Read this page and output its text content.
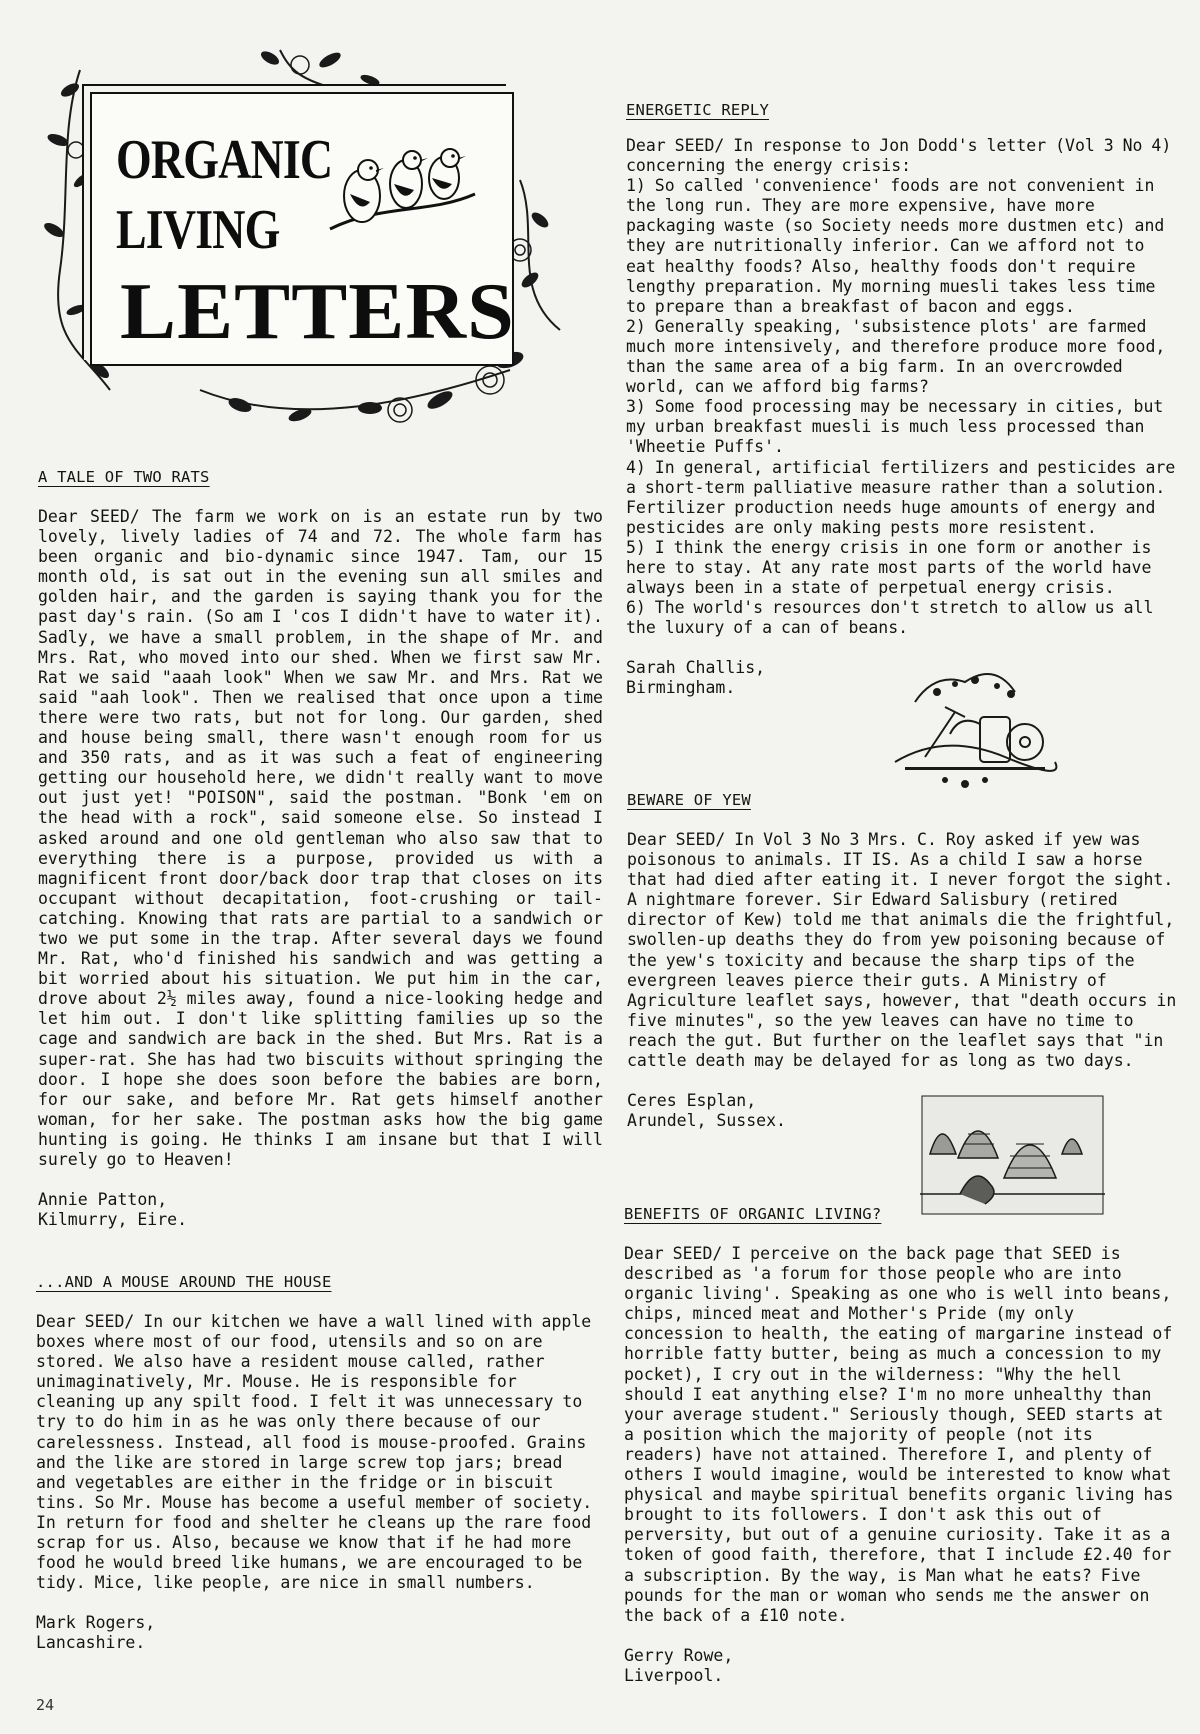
ORGANIC
LIVING
LETTERS

A TALE OF TWO RATS

Dear SEED/ The farm we work on is an estate run by two lovely, lively ladies of 74 and 72. The whole farm has been organic and bio-dynamic since 1947. Tam, our 15 month old, is sat out in the evening sun all smiles and golden hair, and the garden is saying thank you for the past day's rain. (So am I 'cos I didn't have to water it). Sadly, we have a small problem, in the shape of Mr. and Mrs. Rat, who moved into our shed. When we first saw Mr. Rat we said "aaah look" When we saw Mr. and Mrs. Rat we said "aah look". Then we realised that once upon a time there were two rats, but not for long. Our garden, shed and house being small, there wasn't enough room for us and 350 rats, and as it was such a feat of engineering getting our household here, we didn't really want to move out just yet! "POISON", said the postman. "Bonk 'em on the head with a rock", said someone else. So instead I asked around and one old gentleman who also saw that to everything there is a purpose, provided us with a magnificent front door/back door trap that closes on its occupant without decapitation, foot-crushing or tail-catching. Knowing that rats are partial to a sandwich or two we put some in the trap. After several days we found Mr. Rat, who'd finished his sandwich and was getting a bit worried about his situation. We put him in the car, drove about 2½ miles away, found a nice-looking hedge and let him out. I don't like splitting families up so the cage and sandwich are back in the shed. But Mrs. Rat is a super-rat. She has had two biscuits without springing the door. I hope she does soon before the babies are born, for our sake, and before Mr. Rat gets himself another woman, for her sake. The postman asks how the big game hunting is going. He thinks I am insane but that I will surely go to Heaven!

Annie Patton,
Kilmurry, Eire.

...AND A MOUSE AROUND THE HOUSE

Dear SEED/ In our kitchen we have a wall lined with apple boxes where most of our food, utensils and so on are stored. We also have a resident mouse called, rather unimaginatively, Mr. Mouse. He is responsible for cleaning up any spilt food. I felt it was unnecessary to try to do him in as he was only there because of our carelessness. Instead, all food is mouse-proofed. Grains and the like are stored in large screw top jars; bread and vegetables are either in the fridge or in biscuit tins. So Mr. Mouse has become a useful member of society. In return for food and shelter he cleans up the rare food scrap for us. Also, because we know that if he had more food he would breed like humans, we are encouraged to be tidy. Mice, like people, are nice in small numbers.

Mark Rogers,
Lancashire.

ENERGETIC REPLY

Dear SEED/ In response to Jon Dodd's letter (Vol 3 No 4) concerning the energy crisis:
1) So called 'convenience' foods are not convenient in the long run. They are more expensive, have more packaging waste (so Society needs more dustmen etc) and they are nutritionally inferior. Can we afford not to eat healthy foods? Also, healthy foods don't require lengthy preparation. My morning muesli takes less time to prepare than a breakfast of bacon and eggs.
2) Generally speaking, 'subsistence plots' are farmed much more intensively, and therefore produce more food, than the same area of a big farm. In an overcrowded world, can we afford big farms?
3) Some food processing may be necessary in cities, but my urban breakfast muesli is much less processed than 'Wheetie Puffs'.
4) In general, artificial fertilizers and pesticides are a short-term palliative measure rather than a solution. Fertilizer production needs huge amounts of energy and pesticides are only making pests more resistent.
5) I think the energy crisis in one form or another is here to stay. At any rate most parts of the world have always been in a state of perpetual energy crisis.
6) The world's resources don't stretch to allow us all the luxury of a can of beans.

Sarah Challis,
Birmingham.

BEWARE OF YEW

Dear SEED/ In Vol 3 No 3 Mrs. C. Roy asked if yew was poisonous to animals. IT IS. As a child I saw a horse that had died after eating it. I never forgot the sight. A nightmare forever. Sir Edward Salisbury (retired director of Kew) told me that animals die the frightful, swollen-up deaths they do from yew poisoning because of the yew's toxicity and because the sharp tips of the evergreen leaves pierce their guts. A Ministry of Agriculture leaflet says, however, that "death occurs in five minutes", so the yew leaves can have no time to reach the gut. But further on the leaflet says that "in cattle death may be delayed for as long as two days.

Ceres Esplan,
Arundel, Sussex.

BENEFITS OF ORGANIC LIVING?

Dear SEED/ I perceive on the back page that SEED is described as 'a forum for those people who are into organic living'. Speaking as one who is well into beans, chips, minced meat and Mother's Pride (my only concession to health, the eating of margarine instead of horrible fatty butter, being as much a concession to my pocket), I cry out in the wilderness: "Why the hell should I eat anything else? I'm no more unhealthy than your average student." Seriously though, SEED starts at a position which the majority of people (not its readers) have not attained. Therefore I, and plenty of others I would imagine, would be interested to know what physical and maybe spiritual benefits organic living has brought to its followers. I don't ask this out of perversity, but out of a genuine curiosity. Take it as a token of good faith, therefore, that I include £2.40 for a subscription. By the way, is Man what he eats? Five pounds for the man or woman who sends me the answer on the back of a £10 note.

Gerry Rowe,
Liverpool.
24
